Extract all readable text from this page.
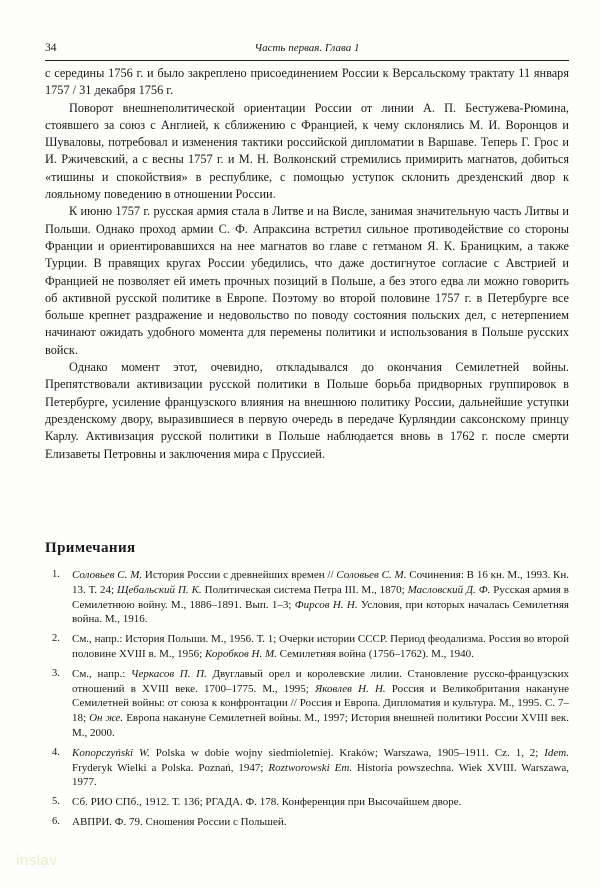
34	Часть первая. Глава 1

с середины 1756 г. и было закреплено присоединением России к Версальскому трактату 11 января 1757 / 31 декабря 1756 г.

Поворот внешнеполитической ориентации России от линии А. П. Бестужева-Рюмина, стоявшего за союз с Англией, к сближению с Францией, к чему склонялись М. И. Воронцов и Шуваловы, потребовал и изменения тактики российской дипломатии в Варшаве. Теперь Г. Грос и И. Ржичевский, а с весны 1757 г. и М. Н. Волконский стремились примирить магнатов, добиться «тишины и спокойствия» в республике, с помощью уступок склонить дрезденский двор к лояльному поведению в отношении России.

К июню 1757 г. русская армия стала в Литве и на Висле, занимая значительную часть Литвы и Польши. Однако проход армии С. Ф. Апраксина встретил сильное противодействие со стороны Франции и ориентировавшихся на нее магнатов во главе с гетманом Я. К. Браницким, а также Турции. В правящих кругах России убедились, что даже достигнутое согласие с Австрией и Францией не позволяет ей иметь прочных позиций в Польше, а без этого едва ли можно говорить об активной русской политике в Европе. Поэтому во второй половине 1757 г. в Петербурге все больше крепнет раздражение и недовольство по поводу состояния польских дел, с нетерпением начинают ожидать удобного момента для перемены политики и использования в Польше русских войск.

Однако момент этот, очевидно, откладывался до окончания Семилетней войны. Препятствовали активизации русской политики в Польше борьба придворных группировок в Петербурге, усиление французского влияния на внешнюю политику России, дальнейшие уступки дрезденскому двору, выразившиеся в первую очередь в передаче Курляндии саксонскому принцу Карлу. Активизация русской политики в Польше наблюдается вновь в 1762 г. после смерти Елизаветы Петровны и заключения мира с Пруссией.

Примечания
1. Соловьев С. М. История России с древнейших времен // Соловьев С. М. Сочинения: В 16 кн. М., 1993. Кн. 13. Т. 24; Щебальский П. К. Политическая система Петра III. М., 1870; Масловский Д. Ф. Русская армия в Семилетнюю войну. М., 1886–1891. Вып. 1–3; Фирсов Н. Н. Условия, при которых началась Семилетняя война. М., 1916.
2. См., напр.: История Польши. М., 1956. Т. 1; Очерки истории СССР. Период феодализма. Россия во второй половине XVIII в. М., 1956; Коробков Н. М. Семилетняя война (1756–1762). М., 1940.
3. См., напр.: Черкасов П. П. Двуглавый орел и королевские лилии. Становление русско-французских отношений в XVIII веке. 1700–1775. М., 1995; Яковлев Н. Н. Россия и Великобритания накануне Семилетней войны: от союза к конфронтации // Россия и Европа. Дипломатия и культура. М., 1995. С. 7–18; Он же. Европа накануне Семилетней войны. М., 1997; История внешней политики России XVIII век. М., 2000.
4. Konopczyński W. Polska w dobie wojny siedmioletniej. Kraków; Warszawa, 1905–1911. Cz. 1, 2; Idem. Fryderyk Wielki a Polska. Poznań, 1947; Roztworowski Em. Historia powszechna. Wiek XVIII. Warszawa, 1977.
5. Сб. РИО СПб., 1912. Т. 136; РГАДА. Ф. 178. Конференция при Высочайшем дворе.
6. АВПРИ. Ф. 79. Сношения России с Польшей.
inslav
